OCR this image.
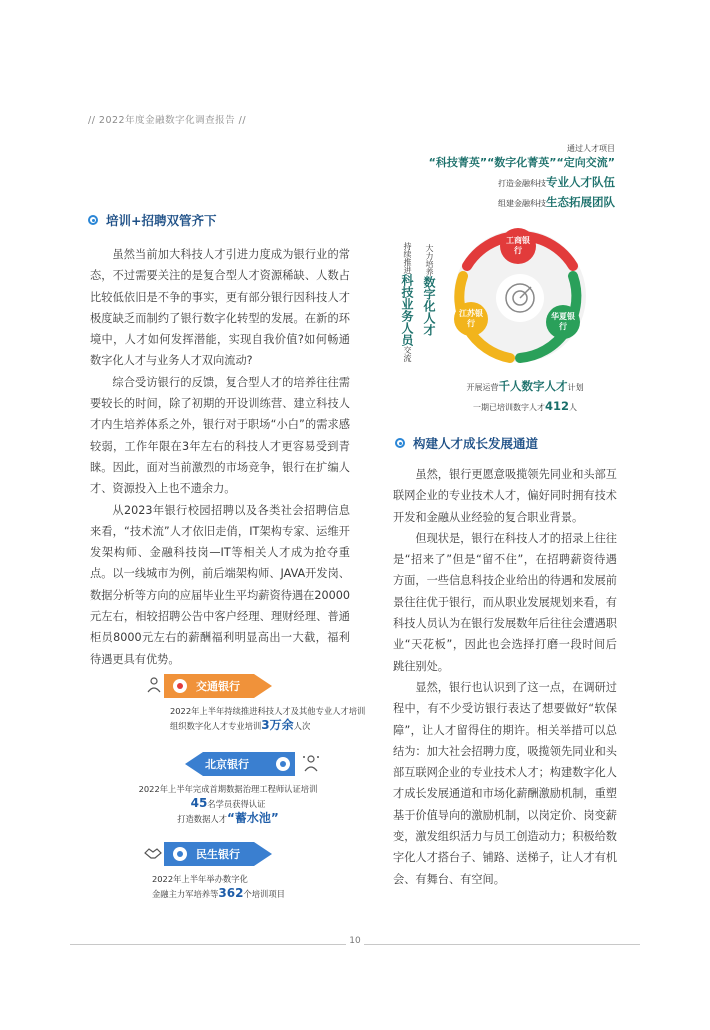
// 2022年度金融数字化调查报告 //
培训+招聘双管齐下

虽然当前加大科技人才引进力度成为银行业的常态，不过需要关注的是复合型人才资源稀缺、人数占比较低依旧是不争的事实，更有部分银行因科技人才极度缺乏而制约了银行数字化转型的发展。在新的环境中，人才如何发挥潜能，实现自我价值?如何畅通数字化人才与业务人才双向流动?

综合受访银行的反馈，复合型人才的培养往往需要较长的时间，除了初期的开设训练营、建立科技人才内生培养体系之外，银行对于职场“小白”的需求感较弱，工作年限在3年左右的科技人才更容易受到青睐。因此，面对当前激烈的市场竞争，银行在扩编人才、资源投入上也不遗余力。

从2023年银行校园招聘以及各类社会招聘信息来看，“技术流”人才依旧走俏，IT架构专家、运维开发架构师、金融科技岗—IT等相关人才成为抢夺重点。以一线城市为例，前后端架构师、JAVA开发岗、数据分析等方向的应届毕业生平均薪资待遇在20000元左右，相较招聘公告中客户经理、理财经理、普通柜员8000元左右的薪酬福利明显高出一大截，福利待遇更具有优势。

交通银行
2022年上半年持续推进科技人才及其他专业人才培训
组织数字化人才专业培训3万余人次
北京银行
2022年上半年完成首期数据治理工程师认证培训
45名学员获得认证
打造数据人才“蓄水池”
民生银行
2022年上半年举办数字化
金融主力军培养等362个培训项目
通过人才项目
“科技菁英”“数字化菁英”“定向交流”
打造金融科技专业人才队伍
组建金融科技生态拓展团队
持续推进科技业务人员交流
大力培养数字化人才
工商银行
江苏银行
华夏银行
开展运营千人数字人才计划
一期已培训数字人才412人
构建人才成长发展通道

虽然，银行更愿意吸揽领先同业和头部互联网企业的专业技术人才，偏好同时拥有技术开发和金融从业经验的复合职业背景。

但现状是，银行在科技人才的招录上往往是“招来了”但是“留不住”，在招聘薪资待遇方面，一些信息科技企业给出的待遇和发展前景往往优于银行，而从职业发展规划来看，有科技人员认为在银行发展数年后往往会遭遇职业“天花板”，因此也会选择打磨一段时间后跳往别处。

显然，银行也认识到了这一点，在调研过程中，有不少受访银行表达了想要做好“软保障”，让人才留得住的期许。相关举措可以总结为：加大社会招聘力度，吸揽领先同业和头部互联网企业的专业技术人才；构建数字化人才成长发展通道和市场化薪酬激励机制，重塑基于价值导向的激励机制，以岗定价、岗变薪变，激发组织活力与员工创造动力；积极给数字化人才搭台子、铺路、送梯子，让人才有机会、有舞台、有空间。

10
